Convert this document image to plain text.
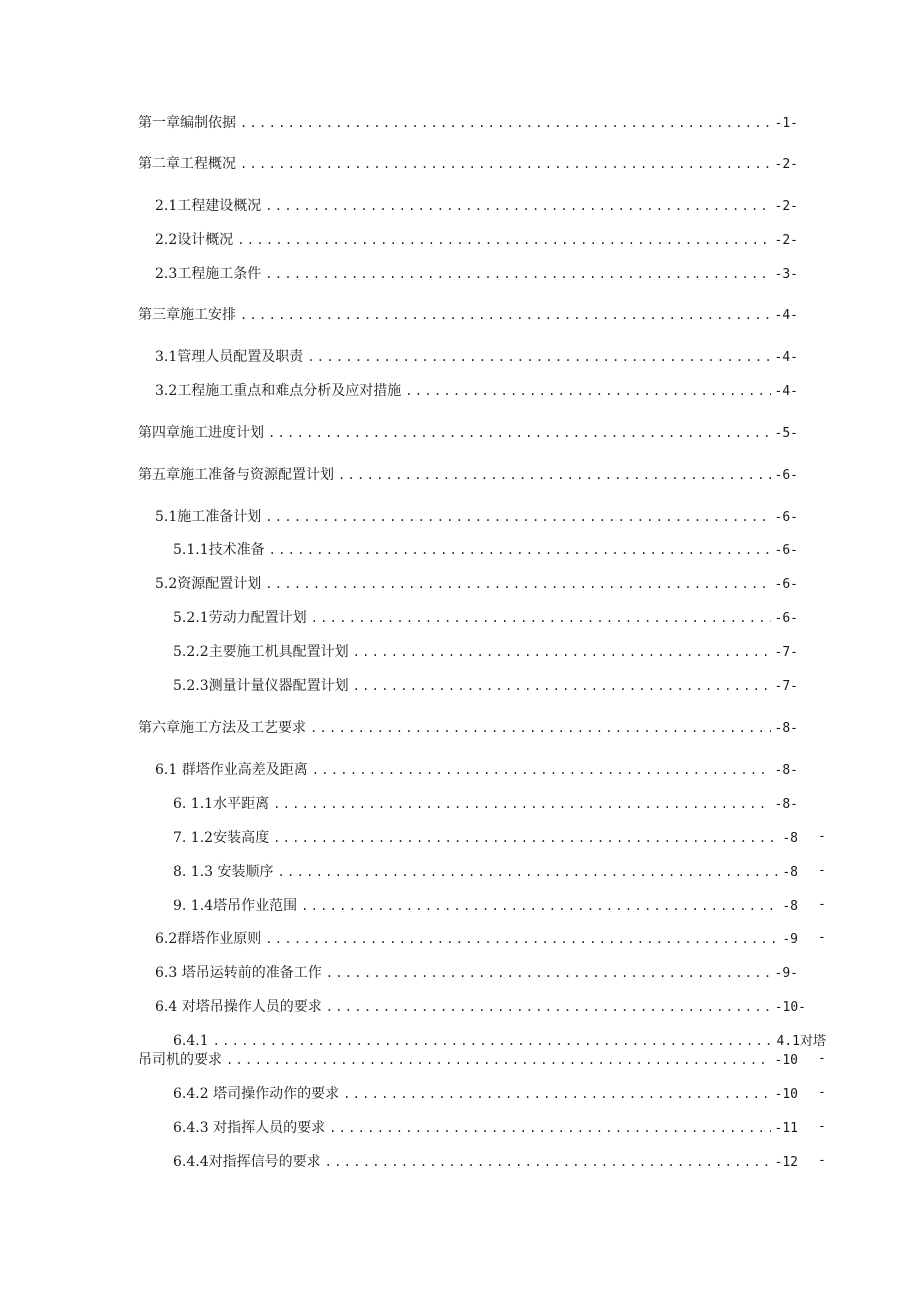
第一章编制依据 .....	-1-
第二章工程概况 .....	-2-
2.1工程建设概况 .....	-2-
2.2设计概况 .....	-2-
2.3工程施工条件 .....	-3-
第三章施工安排 .....	-4-
3.1管理人员配置及职责 .....	-4-
3.2工程施工重点和难点分析及应对措施 .....	-4-
第四章施工进度计划 .....	-5-
第五章施工准备与资源配置计划 .....	-6-
5.1施工准备计划 .....	-6-
5.1.1技术准备 .....	-6-
5.2资源配置计划 .....	-6-
5.2.1劳动力配置计划 .....	-6-
5.2.2主要施工机具配置计划 .....	-7-
5.2.3测量计量仪器配置计划 .....	-7-
第六章施工方法及工艺要求 .....	-8-
6.1 群塔作业高差及距离 .....	-8-
6. 1.1水平距离 .....	-8-
7. 1.2安装高度 .....	-8 -
8. 1.3 安装顺序 .....	-8 -
9. 1.4塔吊作业范围 .....	-8 -
6.2群塔作业原则 .....	-9 -
6.3 塔吊运转前的准备工作 .....	-9-
6.4 对塔吊操作人员的要求 .....	-10-
6.4.1 .....	4.1对塔
吊司机的要求 .....	-10 -
6.4.2 塔司操作动作的要求 .....	-10 -
6.4.3 对指挥人员的要求 .....	-11 -
6.4.4对指挥信号的要求 .....	-12 -
